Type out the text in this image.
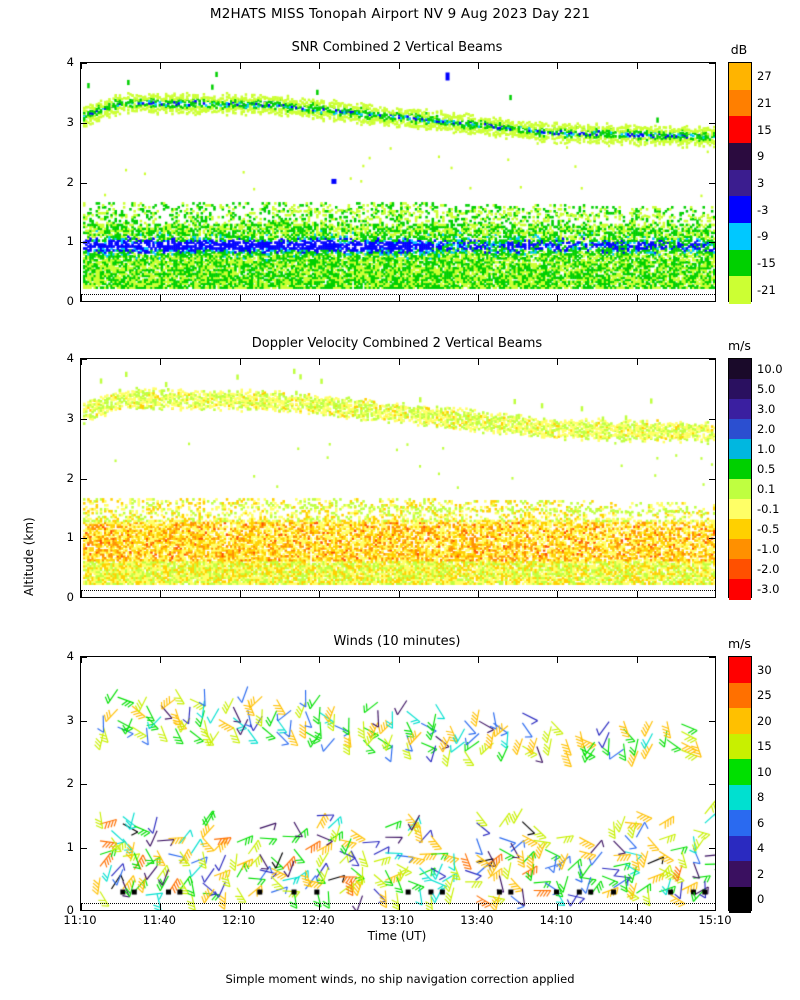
M2HATS MISS Tonopah Airport NV 9 Aug 2023 Day 221
SNR Combined 2 Vertical Beams
0
1
2
3
4
dB
27
21
15
9
3
-3
-9
-15
-21
Doppler Velocity Combined 2 Vertical Beams
Altitude (km)
0
1
2
3
4
m/s
10.0
5.0
3.0
2.0
1.0
0.5
0.1
-0.1
-0.5
-1.0
-2.0
-3.0
Winds (10 minutes)
Time (UT)
0
1
2
3
4
11:10	11:40	12:10	12:40	13:10	13:40	14:10	14:40	15:10
m/s
30
25
20
15
10
8
6
4
2
0
Simple moment winds, no ship navigation correction applied
